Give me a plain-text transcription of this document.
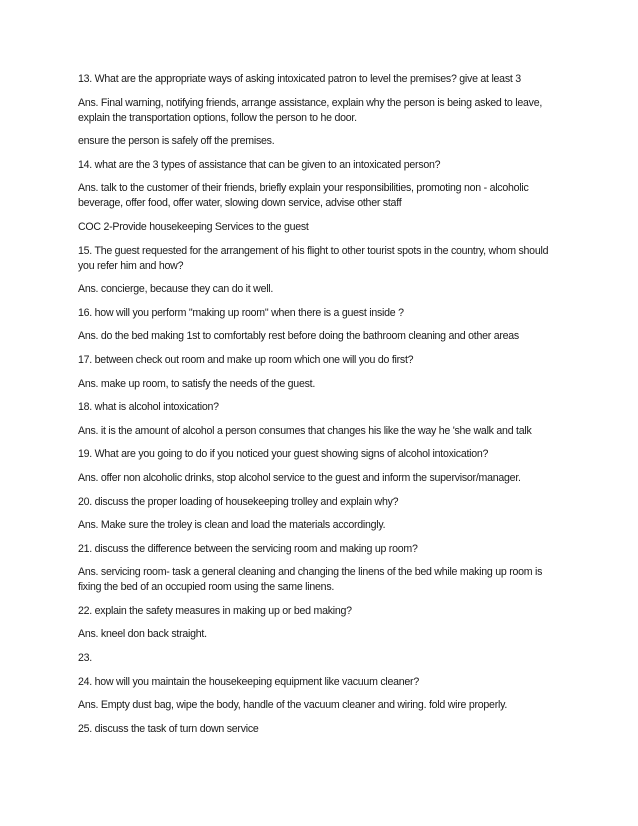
13. What are the appropriate ways of asking intoxicated patron to level the premises? give at least 3

Ans. Final warning, notifying friends, arrange assistance, explain why the person is being asked to leave, explain the transportation options, follow the person to he door.

ensure the person is safely off the premises.

14. what are the 3 types of assistance that can be given to an intoxicated person?

Ans. talk to the customer of their friends, briefly explain your responsibilities, promoting non - alcoholic beverage, offer food, offer water, slowing down service, advise other staff

COC 2-Provide housekeeping Services to the guest

15. The guest requested for the arrangement of his flight to other tourist spots in the country, whom should you refer him and how?

Ans. concierge, because they can do it well.

16. how will you perform "making up room" when there is a guest inside ?

Ans. do the bed making 1st to comfortably rest before doing the bathroom cleaning and other areas

17. between check out room and make up room which one will you do first?

Ans. make up room, to satisfy the needs of the guest.

18. what is alcohol intoxication?

Ans. it is the amount of alcohol a person consumes that changes his like the way he 'she walk and talk

19. What are you going to do if you noticed your guest showing signs of alcohol intoxication?

Ans. offer non alcoholic drinks, stop alcohol service to the guest and inform the supervisor/manager.

20. discuss the proper loading of housekeeping trolley and explain why?

Ans. Make sure the troley is clean and load the materials accordingly.

21. discuss the difference between the servicing room and making up room?

Ans. servicing room- task a general cleaning and changing the linens of the bed while making up room is fixing the bed of an occupied room using the same linens.

22. explain the safety measures in making up or bed making?

Ans. kneel don back straight.

23.

24. how will you maintain the housekeeping equipment like vacuum cleaner?

Ans. Empty dust bag, wipe the body, handle of the vacuum cleaner and wiring. fold wire properly.

25. discuss the task of turn down service
